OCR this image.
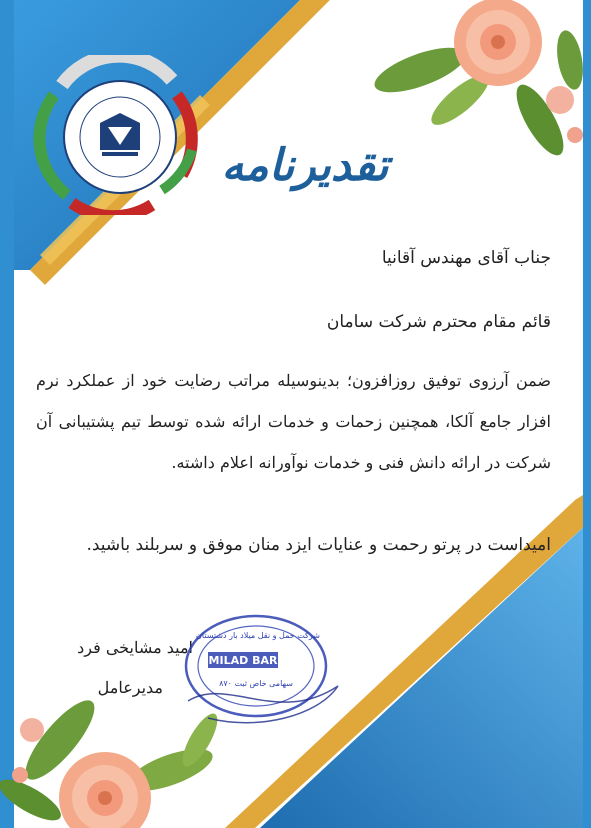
تقدیرنامه
جناب آقای مهندس آقانیا
قائم مقام محترم شرکت سامان
ضمن آرزوی توفیق روزافزون؛ بدینوسیله مراتب رضایت خود از عملکرد نرم افزار جامع آلکا، همچنین زحمات و خدمات ارائه شده توسط تیم پشتیبانی آن شرکت در ارائه دانش فنی و خدمات نوآورانه اعلام داشته.
امیداست در پرتو رحمت و عنایات ایزد منان موفق و سربلند باشید.
امید مشایخی فرد
مدیرعامل
MILAD BAR
شرکت حمل و نقل میلاد بار دشتستان
سهامی خاص ثبت ۸۷۰
